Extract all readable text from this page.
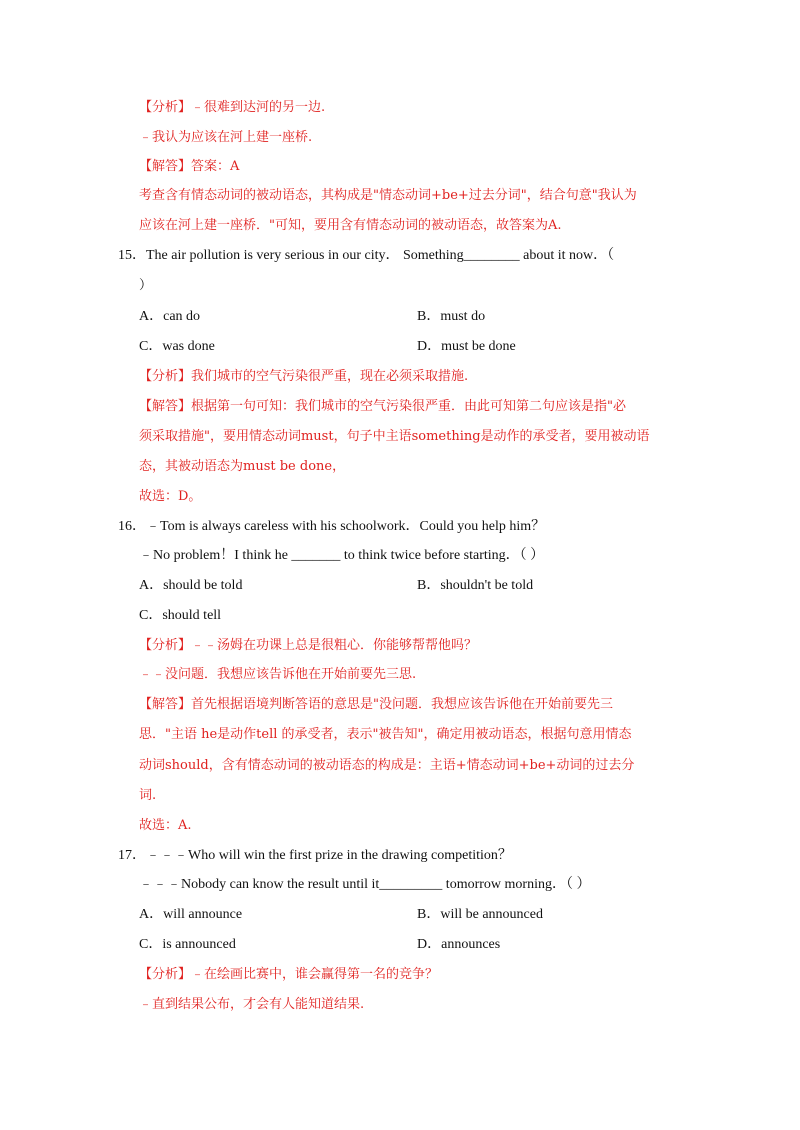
【分析】﹣很难到达河的另一边.
﹣我认为应该在河上建一座桥.
【解答】答案：A
考查含有情态动词的被动语态，其构成是"情态动词+be+过去分词"，结合句意"我认为
应该在河上建一座桥．"可知，要用含有情态动词的被动语态，故答案为A.
15．The air pollution is very serious in our city． Something________ about it now．（
）
A．can do	B．must do
C．was done	D．must be done
【分析】我们城市的空气污染很严重，现在必须采取措施.
【解答】根据第一句可知：我们城市的空气污染很严重．由此可知第二句应该是指"必
须采取措施"，要用情态动词must，句子中主语something是动作的承受者，要用被动语
态，其被动语态为must be done，
故选：D。
16．﹣Tom is always careless with his schoolwork．Could you help him？
﹣No problem！I think he _______ to think twice before starting．（ ）
A．should be told	B．shouldn't be told
C．should tell
【分析】﹣﹣汤姆在功课上总是很粗心．你能够帮帮他吗？
﹣﹣没问题．我想应该告诉他在开始前要先三思.
【解答】首先根据语境判断答语的意思是"没问题．我想应该告诉他在开始前要先三
思．"主语 he是动作tell 的承受者，表示"被告知"，确定用被动语态，根据句意用情态
动词should，含有情态动词的被动语态的构成是：主语+情态动词+be+动词的过去分
词.
故选：A.
17．﹣﹣﹣Who will win the first prize in the drawing competition？
﹣﹣﹣Nobody can know the result until it_________ tomorrow morning．（ ）
A．will announce	B．will be announced
C．is announced	D．announces
【分析】﹣在绘画比赛中，谁会赢得第一名的竞争？
﹣直到结果公布，才会有人能知道结果.
